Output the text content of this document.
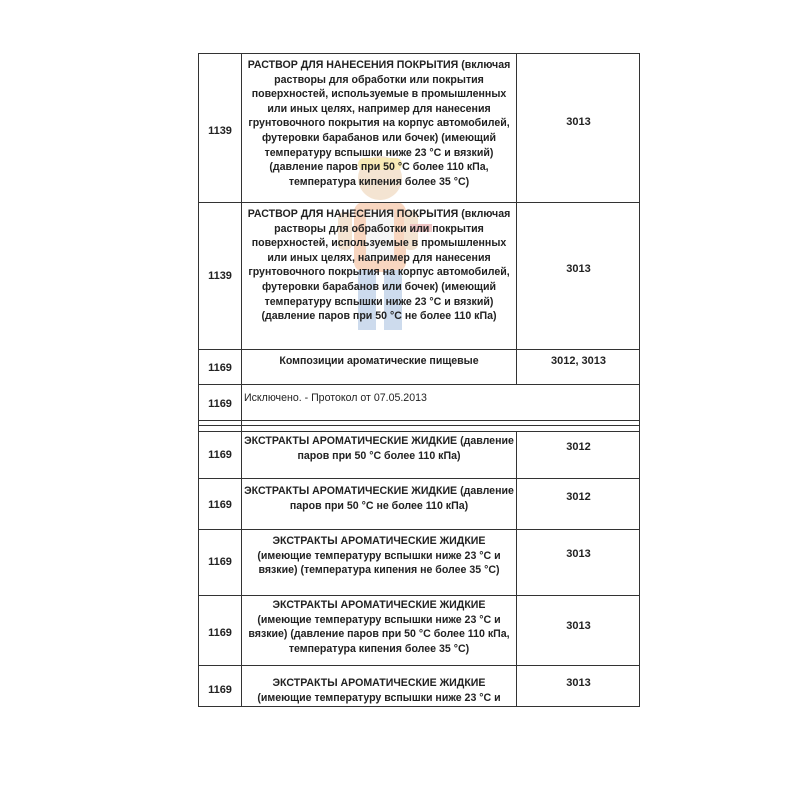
1139
РАСТВОР ДЛЯ НАНЕСЕНИЯ ПОКРЫТИЯ (включая растворы для обработки или покрытия поверхностей, используемые в промышленных или иных целях, например для нанесения грунтовочного покрытия на корпус автомобилей, футеровки барабанов или бочек) (имеющий температуру вспышки ниже 23 °С и вязкий) (давление паров при 50 °С более 110 кПа, температура кипения более 35 °С)
3013
1139
РАСТВОР ДЛЯ НАНЕСЕНИЯ ПОКРЫТИЯ (включая растворы для обработки или покрытия поверхностей, используемые в промышленных или иных целях, например для нанесения грунтовочного покрытия на корпус автомобилей, футеровки барабанов или бочек) (имеющий температуру вспышки ниже 23 °С и вязкий) (давление паров при 50 °С не более 110 кПа)
3013
1169
Композиции ароматические пищевые	3012, 3013
1169	Исключено. - Протокол от 07.05.2013
1169
ЭКСТРАКТЫ АРОМАТИЧЕСКИЕ ЖИДКИЕ (давление паров при 50 °С более 110 кПа)
3012
1169
ЭКСТРАКТЫ АРОМАТИЧЕСКИЕ ЖИДКИЕ (давление паров при 50 °С не более 110 кПа)
3012
1169
ЭКСТРАКТЫ АРОМАТИЧЕСКИЕ ЖИДКИЕ (имеющие температуру вспышки ниже 23 °С и вязкие) (температура кипения не более 35 °С)
3013
1169
ЭКСТРАКТЫ АРОМАТИЧЕСКИЕ ЖИДКИЕ (имеющие температуру вспышки ниже 23 °С и вязкие) (давление паров при 50 °С более 110 кПа, температура кипения более 35 °С)
3013
1169
ЭКСТРАКТЫ АРОМАТИЧЕСКИЕ ЖИДКИЕ (имеющие температуру вспышки ниже 23 °С и
3013
